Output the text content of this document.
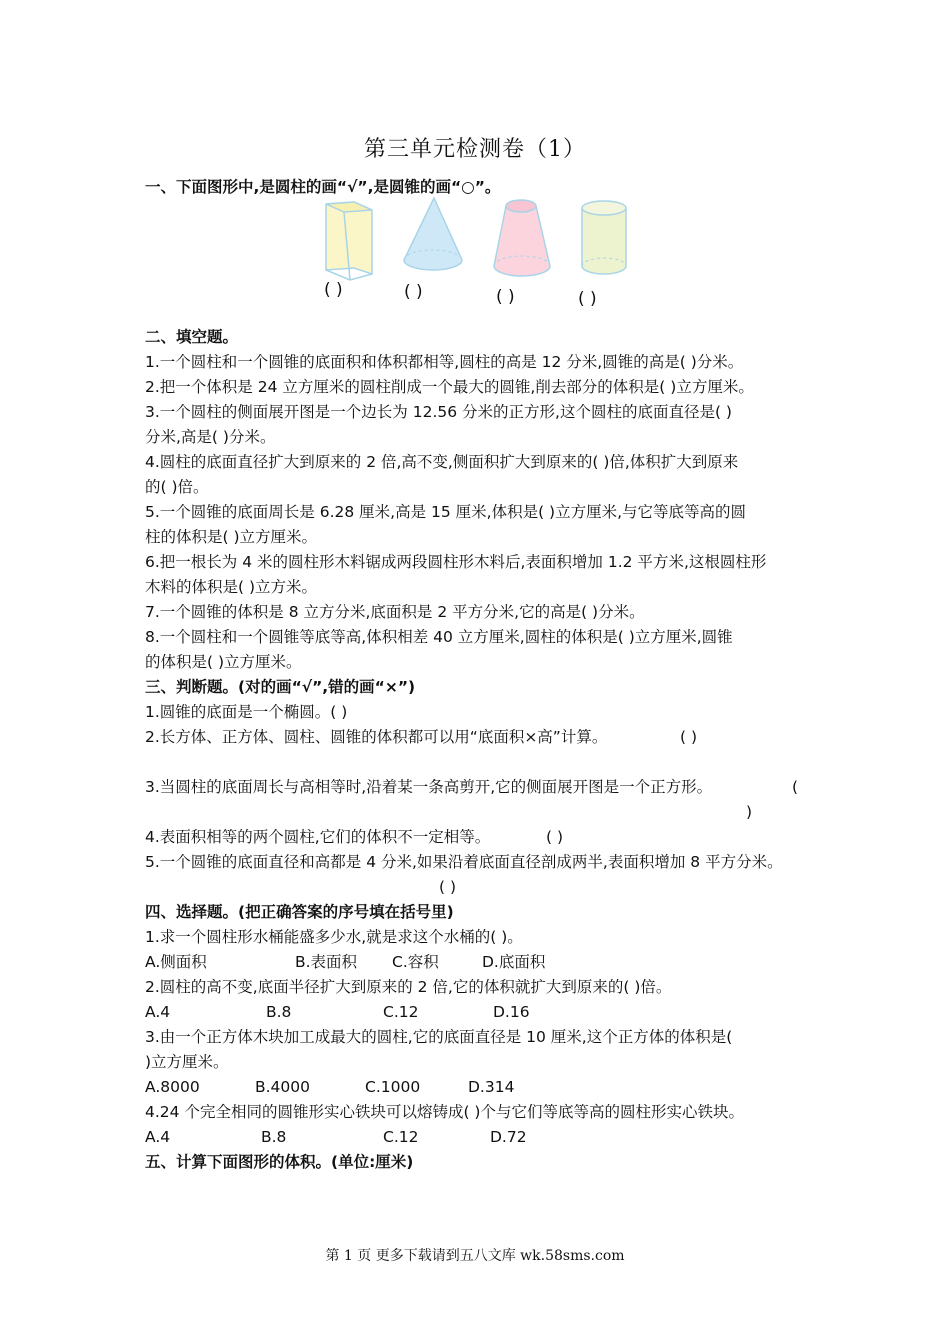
第三单元检测卷（1）
一、下面图形中,是圆柱的画“√”,是圆锥的画“○”。
( )	( )	( )	( )
二、填空题。
1.一个圆柱和一个圆锥的底面积和体积都相等,圆柱的高是 12 分米,圆锥的高是( )分米。
2.把一个体积是 24 立方厘米的圆柱削成一个最大的圆锥,削去部分的体积是( )立方厘米。
3.一个圆柱的侧面展开图是一个边长为 12.56 分米的正方形,这个圆柱的底面直径是( )
分米,高是( )分米。
4.圆柱的底面直径扩大到原来的 2 倍,高不变,侧面积扩大到原来的( )倍,体积扩大到原来
的( )倍。
5.一个圆锥的底面周长是 6.28 厘米,高是 15 厘米,体积是( )立方厘米,与它等底等高的圆
柱的体积是( )立方厘米。
6.把一根长为 4 米的圆柱形木料锯成两段圆柱形木料后,表面积增加 1.2 平方米,这根圆柱形
木料的体积是( )立方米。
7.一个圆锥的体积是 8 立方分米,底面积是 2 平方分米,它的高是( )分米。
8.一个圆柱和一个圆锥等底等高,体积相差 40 立方厘米,圆柱的体积是( )立方厘米,圆锥
的体积是( )立方厘米。
三、判断题。(对的画“√”,错的画“×”)
1.圆锥的底面是一个椭圆。( )
2.长方体、正方体、圆柱、圆锥的体积都可以用“底面积×高”计算。	( )
3.当圆柱的底面周长与高相等时,沿着某一条高剪开,它的侧面展开图是一个正方形。	(
)
4.表面积相等的两个圆柱,它们的体积不一定相等。	( )
5.一个圆锥的底面直径和高都是 4 分米,如果沿着底面直径剖成两半,表面积增加 8 平方分米。
( )
四、选择题。(把正确答案的序号填在括号里)
1.求一个圆柱形水桶能盛多少水,就是求这个水桶的( )。
A.侧面积	B.表面积 C.容积	D.底面积
2.圆柱的高不变,底面半径扩大到原来的 2 倍,它的体积就扩大到原来的( )倍。
A.4	B.8	C.12	D.16
3.由一个正方体木块加工成最大的圆柱,它的底面直径是 10 厘米,这个正方体的体积是(
)立方厘米。
A.8000	B.4000	C.1000	D.314
4.24 个完全相同的圆锥形实心铁块可以熔铸成( )个与它们等底等高的圆柱形实心铁块。
A.4	B.8	C.12	D.72
五、计算下面图形的体积。(单位:厘米)
第 1 页 更多下载请到五八文库 wk.58sms.com
